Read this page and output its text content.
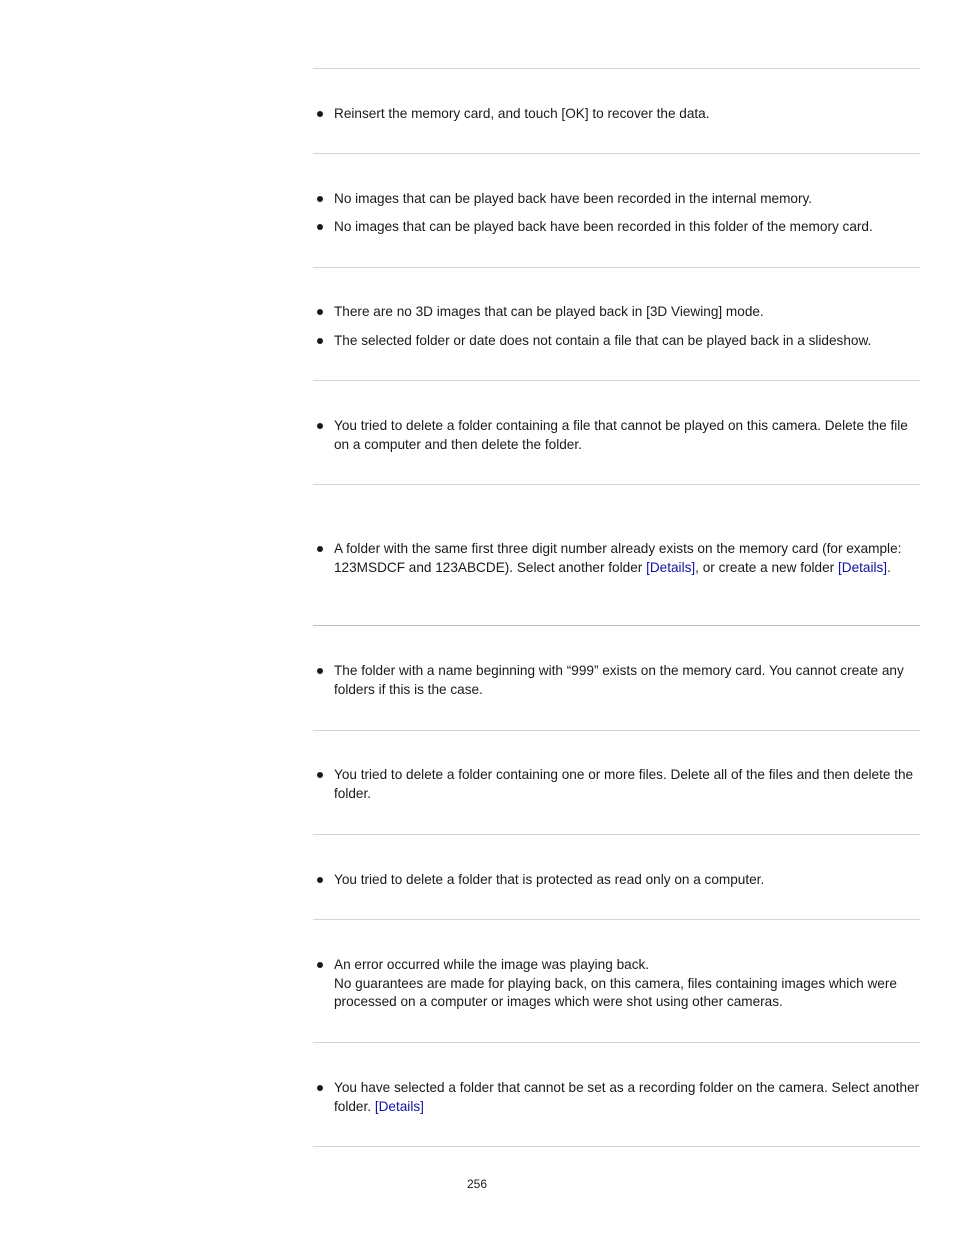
Reinsert the memory card, and touch [OK] to recover the data.

No images that can be played back have been recorded in the internal memory.

No images that can be played back have been recorded in this folder of the memory card.

There are no 3D images that can be played back in [3D Viewing] mode.

The selected folder or date does not contain a file that can be played back in a slideshow.

You tried to delete a folder containing a file that cannot be played on this camera. Delete the file on a computer and then delete the folder.

A folder with the same first three digit number already exists on the memory card (for example: 123MSDCF and 123ABCDE). Select another folder [Details], or create a new folder [Details].

The folder with a name beginning with “999” exists on the memory card. You cannot create any folders if this is the case.

You tried to delete a folder containing one or more files. Delete all of the files and then delete the folder.

You tried to delete a folder that is protected as read only on a computer.

An error occurred while the image was playing back.

No guarantees are made for playing back, on this camera, files containing images which were processed on a computer or images which were shot using other cameras.

You have selected a folder that cannot be set as a recording folder on the camera. Select another folder. [Details]

256
